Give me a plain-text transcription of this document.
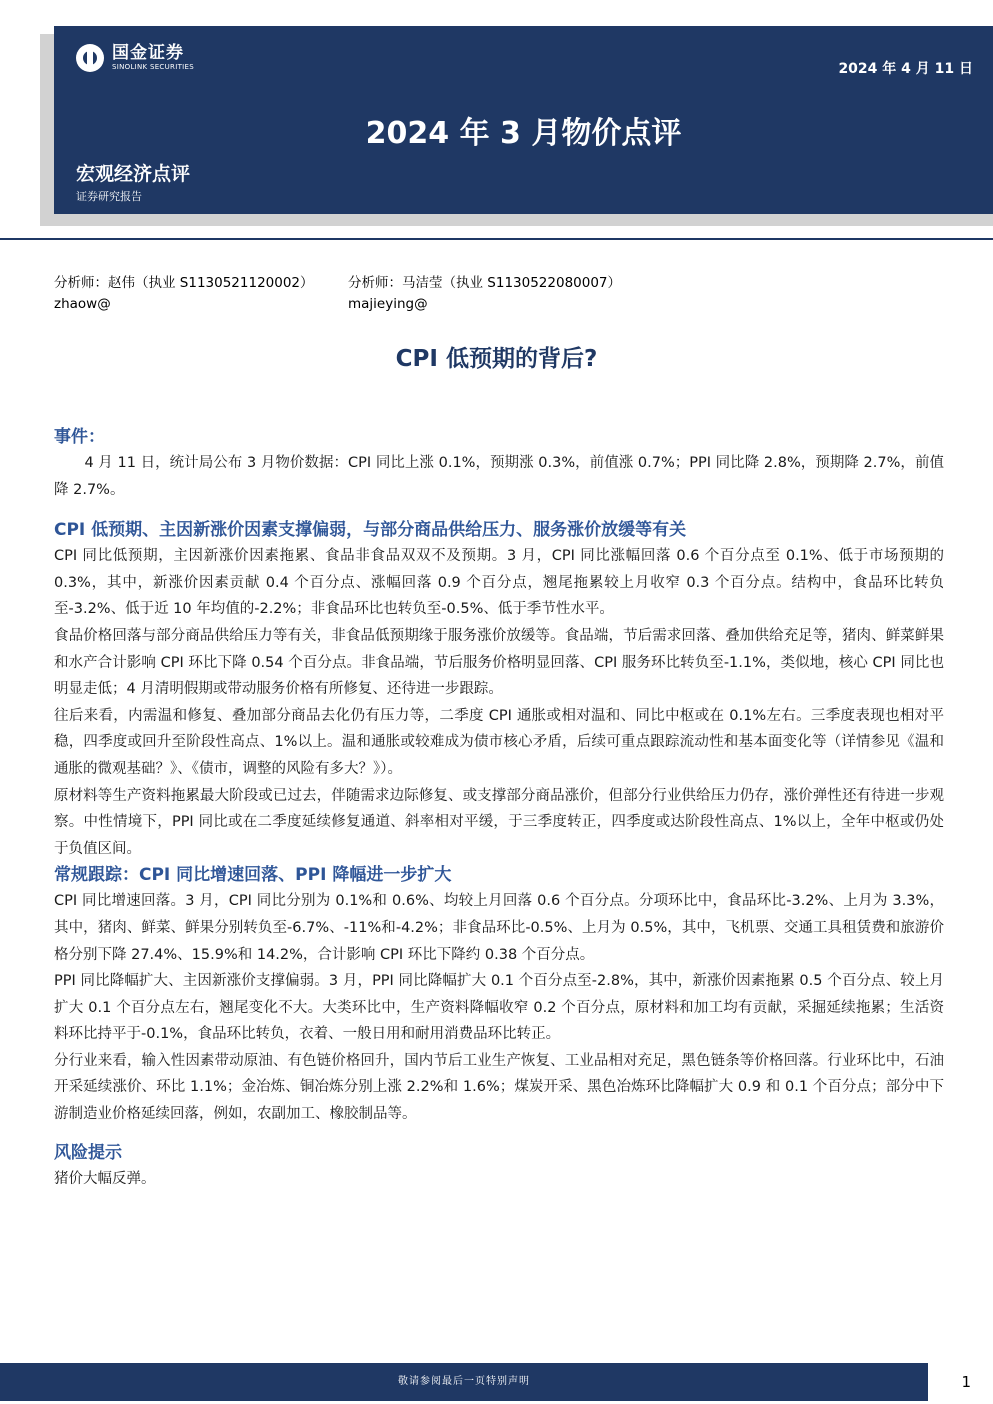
国金证券
SINOLINK SECURITIES	2024 年 4 月 11 日
2024 年 3 月物价点评
宏观经济点评
证券研究报告
分析师：赵伟（执业 S1130521120002）
zhaow@
分析师：马洁莹（执业 S1130522080007）
majieying@
CPI 低预期的背后?
事件：

4 月 11 日，统计局公布 3 月物价数据：CPI 同比上涨 0.1%，预期涨 0.3%，前值涨 0.7%；PPI 同比降 2.8%，预期降 2.7%，前值降 2.7%。

CPI 低预期、主因新涨价因素支撑偏弱，与部分商品供给压力、服务涨价放缓等有关

CPI 同比低预期，主因新涨价因素拖累、食品非食品双双不及预期。3 月，CPI 同比涨幅回落 0.6 个百分点至 0.1%、低于市场预期的 0.3%，其中，新涨价因素贡献 0.4 个百分点、涨幅回落 0.9 个百分点，翘尾拖累较上月收窄 0.3 个百分点。结构中，食品环比转负至-3.2%、低于近 10 年均值的-2.2%；非食品环比也转负至-0.5%、低于季节性水平。

食品价格回落与部分商品供给压力等有关，非食品低预期缘于服务涨价放缓等。食品端，节后需求回落、叠加供给充足等，猪肉、鲜菜鲜果和水产合计影响 CPI 环比下降 0.54 个百分点。非食品端，节后服务价格明显回落、CPI 服务环比转负至-1.1%，类似地，核心 CPI 同比也明显走低；4 月清明假期或带动服务价格有所修复、还待进一步跟踪。

往后来看，内需温和修复、叠加部分商品去化仍有压力等，二季度 CPI 通胀或相对温和、同比中枢或在 0.1%左右。三季度表现也相对平稳，四季度或回升至阶段性高点、1%以上。温和通胀或较难成为债市核心矛盾，后续可重点跟踪流动性和基本面变化等（详情参见《温和通胀的微观基础？》、《债市，调整的风险有多大？》）。

原材料等生产资料拖累最大阶段或已过去，伴随需求边际修复、或支撑部分商品涨价，但部分行业供给压力仍存，涨价弹性还有待进一步观察。中性情境下，PPI 同比或在二季度延续修复通道、斜率相对平缓，于三季度转正，四季度或达阶段性高点、1%以上，全年中枢或仍处于负值区间。

常规跟踪：CPI 同比增速回落、PPI 降幅进一步扩大

CPI 同比增速回落。3 月，CPI 同比分别为 0.1%和 0.6%、均较上月回落 0.6 个百分点。分项环比中，食品环比-3.2%、上月为 3.3%，其中，猪肉、鲜菜、鲜果分别转负至-6.7%、-11%和-4.2%；非食品环比-0.5%、上月为 0.5%，其中，飞机票、交通工具租赁费和旅游价格分别下降 27.4%、15.9%和 14.2%，合计影响 CPI 环比下降约 0.38 个百分点。

PPI 同比降幅扩大、主因新涨价支撑偏弱。3 月，PPI 同比降幅扩大 0.1 个百分点至-2.8%，其中，新涨价因素拖累 0.5 个百分点、较上月扩大 0.1 个百分点左右，翘尾变化不大。大类环比中，生产资料降幅收窄 0.2 个百分点，原材料和加工均有贡献，采掘延续拖累；生活资料环比持平于-0.1%，食品环比转负，衣着、一般日用和耐用消费品环比转正。

分行业来看，输入性因素带动原油、有色链价格回升，国内节后工业生产恢复、工业品相对充足，黑色链条等价格回落。行业环比中，石油开采延续涨价、环比 1.1%；金冶炼、铜冶炼分别上涨 2.2%和 1.6%；煤炭开采、黑色冶炼环比降幅扩大 0.9 和 0.1 个百分点；部分中下游制造业价格延续回落，例如，农副加工、橡胶制品等。

风险提示

猪价大幅反弹。

敬请参阅最后一页特别声明	1
